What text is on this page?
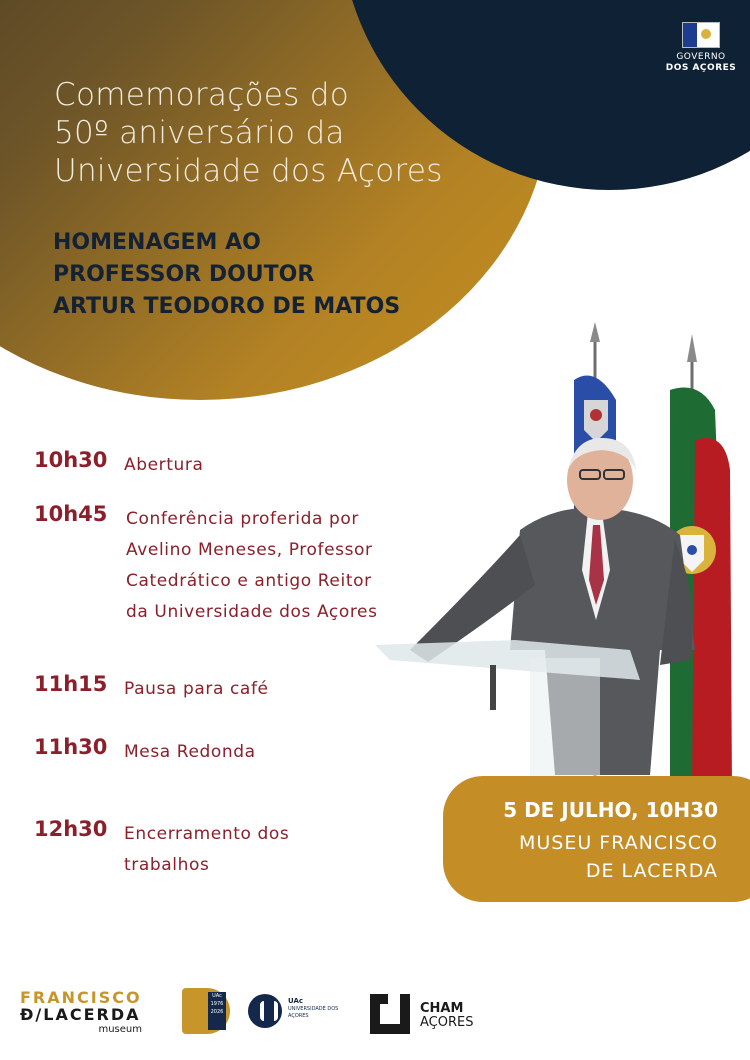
GOVERNO
DOS AÇORES
Comemorações do
50º aniversário da
Universidade dos Açores
HOMENAGEM AO
PROFESSOR DOUTOR
ARTUR TEODORO DE MATOS
10h30 Abertura
10h45	Conferência proferida por
Avelino Meneses, Professor
Catedrático e antigo Reitor
da Universidade dos Açores
11h15 Pausa para café
11h30 Mesa Redonda
12h30 Encerramento dos
trabalhos
5 DE JULHO, 10H30
MUSEU FRANCISCO
DE LACERDA
FRANCISCO
Ð/LACERDA
museum
UAc 1976 2026
UAc
UNIVERSIDADE DOS AÇORES	CHAM
AÇORES
